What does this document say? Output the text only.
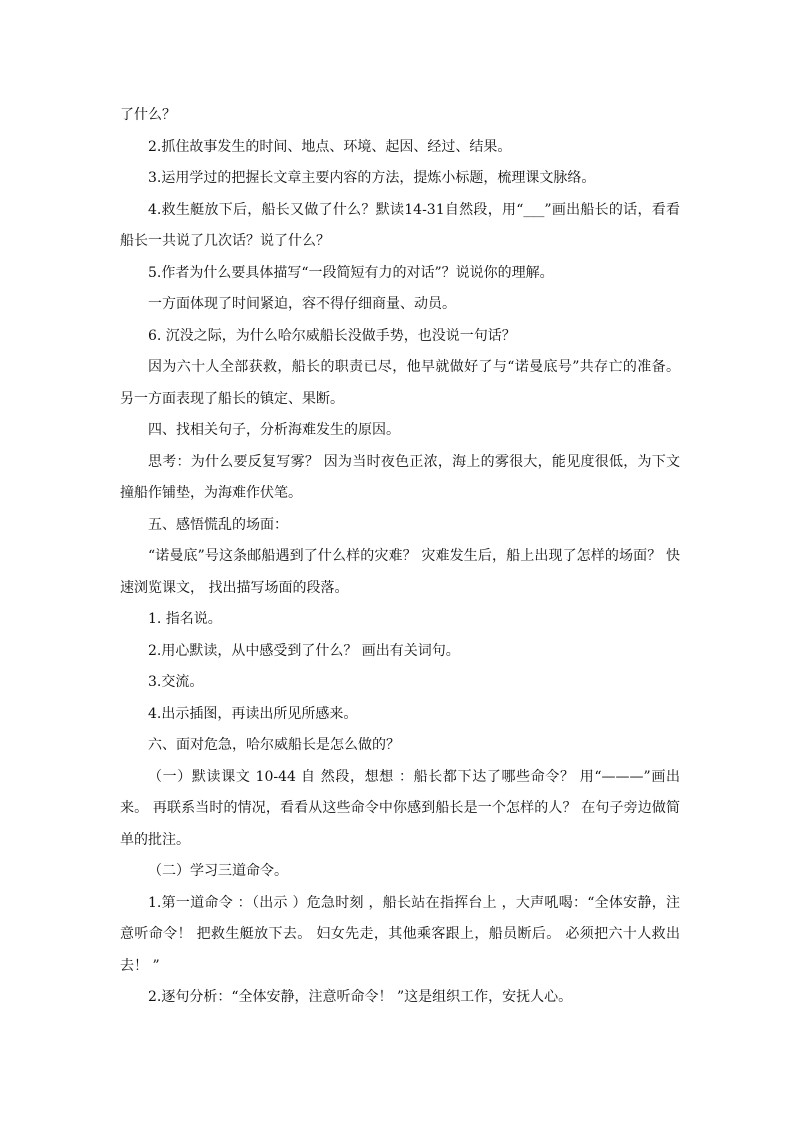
了什么？

2.抓住故事发生的时间、地点、环境、起因、经过、结果。

3.运用学过的把握长文章主要内容的方法，提炼小标题，梳理课文脉络。

4.救生艇放下后，船长又做了什么？默读14-31自然段，用“___”画出船长的话，看看船长一共说了几次话？说了什么？

5.作者为什么要具体描写“一段简短有力的对话”？说说你的理解。

一方面体现了时间紧迫，容不得仔细商量、动员。

6. 沉没之际，为什么哈尔威船长没做手势，也没说一句话？

因为六十人全部获救，船长的职责已尽，他早就做好了与“诺曼底号”共存亡的准备。另一方面表现了船长的镇定、果断。

四、找相关句子，分析海难发生的原因。

思考：为什么要反复写雾？ 因为当时夜色正浓，海上的雾很大，能见度很低，为下文撞船作铺垫，为海难作伏笔。

五、感悟慌乱的场面：

“诺曼底”号这条邮船遇到了什么样的灾难？ 灾难发生后，船上出现了怎样的场面？ 快速浏览课文， 找出描写场面的段落。

1. 指名说。

2.用心默读，从中感受到了什么？ 画出有关词句。

3.交流。

4.出示插图，再读出所见所感来。

六、面对危急，哈尔威船长是怎么做的？

（一）默读课文 10-44 自 然段，想想 ：船长都下达了哪些命令？ 用“———”画出来。 再联系当时的情况，看看从这些命令中你感到船长是一个怎样的人？ 在句子旁边做简单的批注。

（二）学习三道命令。

1.第一道命令 ：（出示 ）危急时刻 ，船长站在指挥台上 ，大声吼喝：“全体安静，注意听命令！ 把救生艇放下去。 妇女先走，其他乘客跟上，船员断后。 必须把六十人救出去！ ”

2.逐句分析：“全体安静，注意听命令！ ”这是组织工作，安抚人心。
